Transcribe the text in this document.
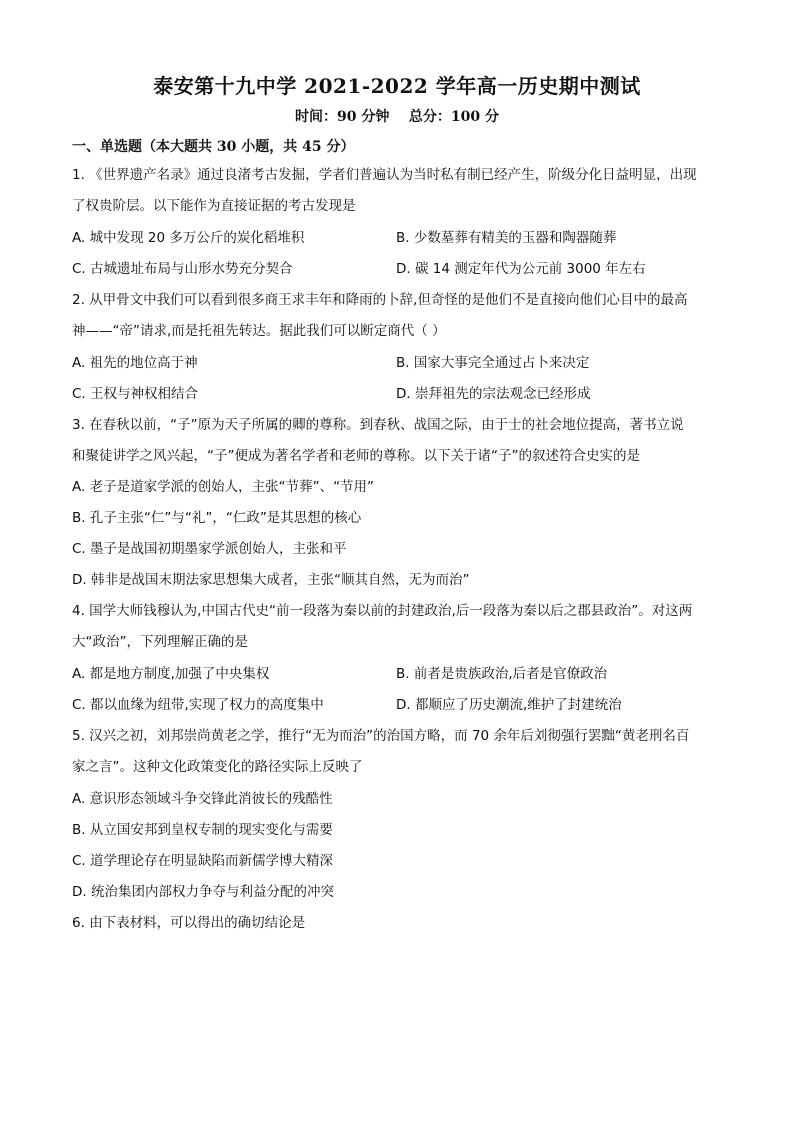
泰安第十九中学 2021-2022 学年高一历史期中测试
时间：90 分钟    总分：100 分
一、单选题（本大题共 30 小题，共 45 分）
1. 《世界遗产名录》通过良渚考古发掘，学者们普遍认为当时私有制已经产生，阶级分化日益明显，出现
了权贵阶层。以下能作为直接证据的考古发现是
A. 城中发现 20 多万公斤的炭化稻堆积	B. 少数墓葬有精美的玉器和陶器随葬
C. 古城遗址布局与山形水势充分契合	D. 碳 14 测定年代为公元前 3000 年左右
2. 从甲骨文中我们可以看到很多商王求丰年和降雨的卜辞,但奇怪的是他们不是直接向他们心目中的最高
神——“帝”请求,而是托祖先转达。据此我们可以断定商代（ ）
A. 祖先的地位高于神	B. 国家大事完全通过占卜来决定
C. 王权与神权相结合	D. 崇拜祖先的宗法观念已经形成
3. 在春秋以前，“子”原为天子所属的卿的尊称。到春秋、战国之际，由于士的社会地位提高，著书立说
和聚徒讲学之风兴起，“子”便成为著名学者和老师的尊称。以下关于诸“子”的叙述符合史实的是
A. 老子是道家学派的创始人，主张“节葬”、“节用”
B. 孔子主张“仁”与“礼”，“仁政”是其思想的核心
C. 墨子是战国初期墨家学派创始人，主张和平
D. 韩非是战国末期法家思想集大成者，主张“顺其自然，无为而治”
4. 国学大师钱穆认为,中国古代史“前一段落为秦以前的封建政治,后一段落为秦以后之郡县政治”。对这两
大“政治”，下列理解正确的是
A. 都是地方制度,加强了中央集权	B. 前者是贵族政治,后者是官僚政治
C. 都以血缘为纽带,实现了权力的高度集中	D. 都顺应了历史潮流,维护了封建统治
5. 汉兴之初，刘邦崇尚黄老之学，推行“无为而治”的治国方略，而 70 余年后刘彻强行罢黜“黄老刑名百
家之言”。这种文化政策变化的路径实际上反映了
A. 意识形态领域斗争交锋此消彼长的残酷性
B. 从立国安邦到皇权专制的现实变化与需要
C. 道学理论存在明显缺陷而新儒学博大精深
D. 统治集团内部权力争夺与利益分配的冲突
6. 由下表材料，可以得出的确切结论是
